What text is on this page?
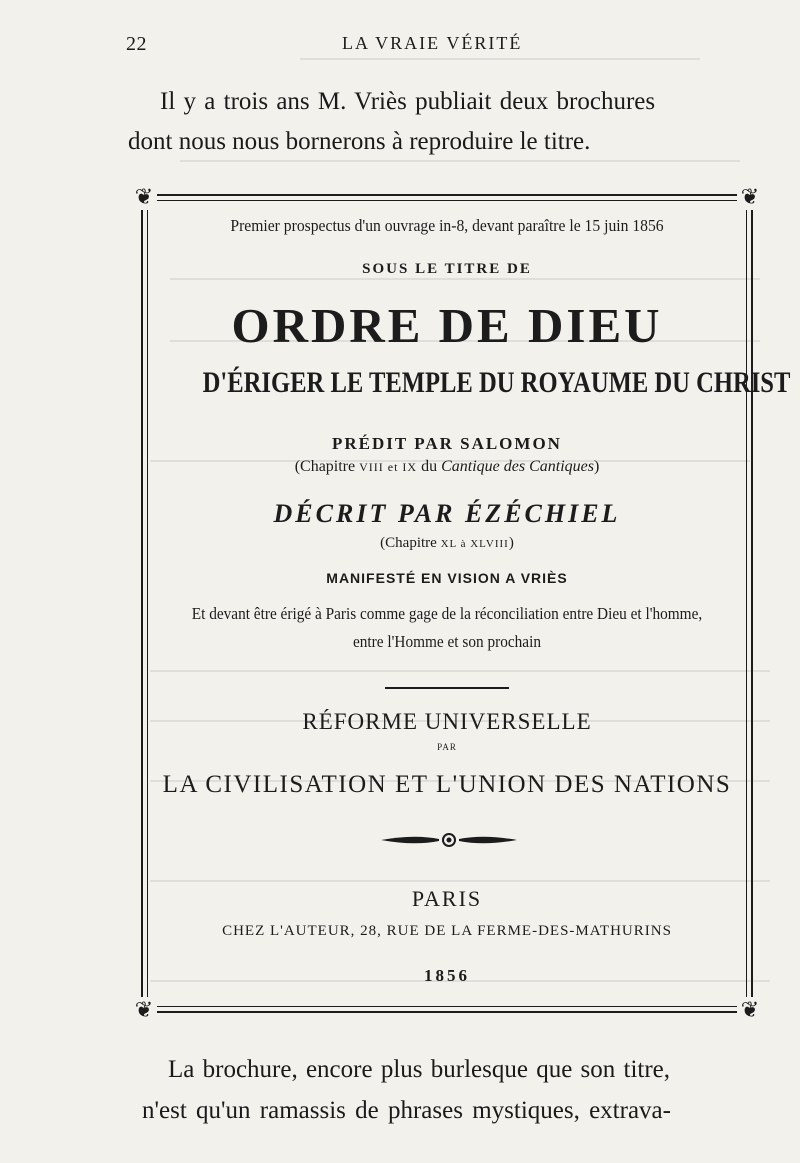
22	LA VRAIE VÉRITÉ
Il y a trois ans M. Vriès publiait deux brochures
dont nous nous bornerons à reproduire le titre.
❦	❦
❦	❦
Premier prospectus d'un ouvrage in-8, devant paraître le 15 juin 1856
SOUS LE TITRE DE
ORDRE DE DIEU
D'ÉRIGER LE TEMPLE DU ROYAUME DU CHRIST
PRÉDIT PAR SALOMON
(Chapitre VIII et IX du Cantique des Cantiques)
DÉCRIT PAR ÉZÉCHIEL
(Chapitre XL à XLVIII)
MANIFESTÉ EN VISION A VRIÈS
Et devant être érigé à Paris comme gage de la réconciliation entre Dieu et l'homme,
entre l'Homme et son prochain
RÉFORME UNIVERSELLE
PAR
LA CIVILISATION ET L'UNION DES NATIONS
PARIS
CHEZ L'AUTEUR, 28, RUE DE LA FERME-DES-MATHURINS
1856
La brochure, encore plus burlesque que son titre,
n'est qu'un ramassis de phrases mystiques, extrava-
